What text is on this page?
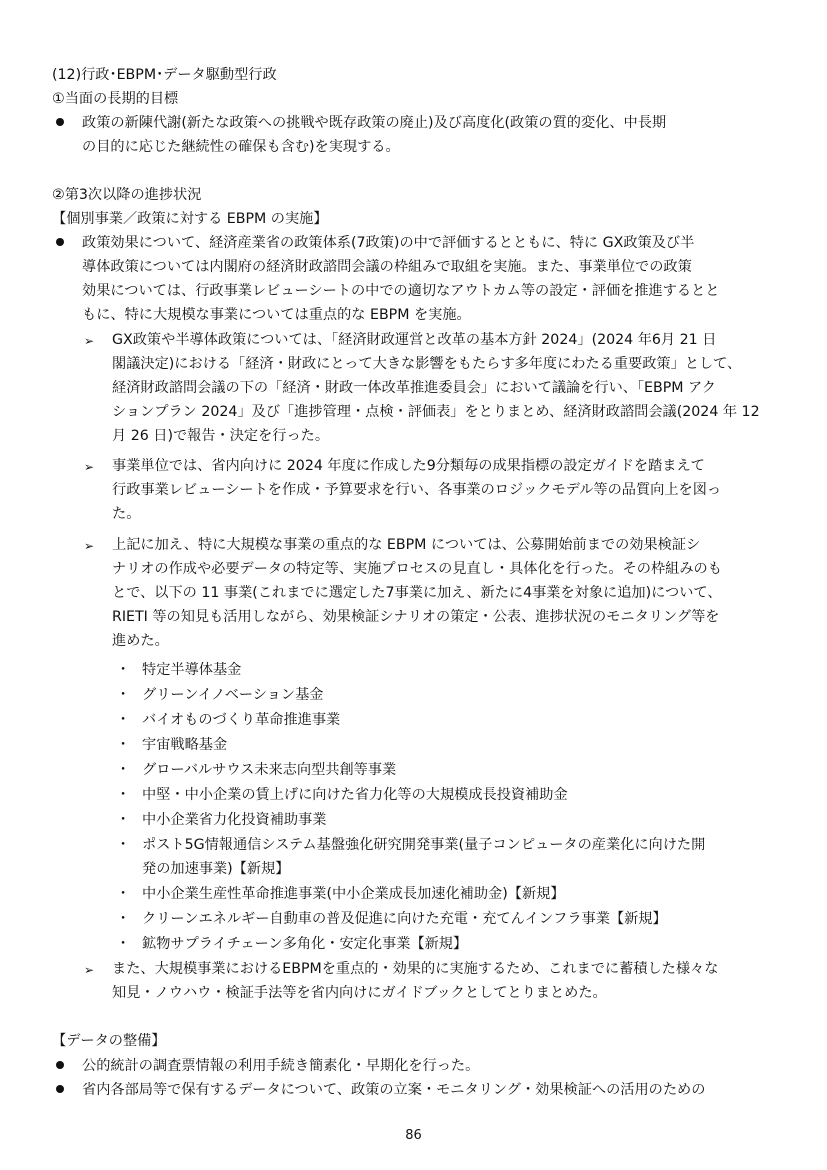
(12)行政･EBPM･データ駆動型行政
①当面の長期的目標
政策の新陳代謝(新たな政策への挑戦や既存政策の廃止)及び高度化(政策の質的変化、中長期
の目的に応じた継続性の確保も含む)を実現する。
②第3次以降の進捗状況
【個別事業／政策に対する EBPM の実施】
政策効果について、経済産業省の政策体系(7政策)の中で評価するとともに、特に GX政策及び半
導体政策については内閣府の経済財政諮問会議の枠組みで取組を実施。また、事業単位での政策
効果については、行政事業レビューシートの中での適切なアウトカム等の設定・評価を推進するとと
もに、特に大規模な事業については重点的な EBPM を実施。
➢ GX政策や半導体政策については、「経済財政運営と改革の基本方針 2024」(2024 年6月 21 日
閣議決定)における「経済・財政にとって大きな影響をもたらす多年度にわたる重要政策」として、
経済財政諮問会議の下の「経済・財政一体改革推進委員会」において議論を行い、「EBPM アク
ションプラン 2024」及び「進捗管理・点検・評価表」をとりまとめ、経済財政諮問会議(2024 年 12
月 26 日)で報告・決定を行った。
➢ 事業単位では、省内向けに 2024 年度に作成した9分類毎の成果指標の設定ガイドを踏まえて
行政事業レビューシートを作成・予算要求を行い、各事業のロジックモデル等の品質向上を図っ
た。
➢ 上記に加え、特に大規模な事業の重点的な EBPM については、公募開始前までの効果検証シ
ナリオの作成や必要データの特定等、実施プロセスの見直し・具体化を行った。その枠組みのも
とで、以下の 11 事業(これまでに選定した7事業に加え、新たに4事業を対象に追加)について、
RIETI 等の知見も活用しながら、効果検証シナリオの策定・公表、進捗状況のモニタリング等を
進めた。
・ 特定半導体基金
・ グリーンイノベーション基金
・ バイオものづくり革命推進事業
・ 宇宙戦略基金
・ グローバルサウス未来志向型共創等事業
・ 中堅・中小企業の賃上げに向けた省力化等の大規模成長投資補助金
・ 中小企業省力化投資補助事業
・ ポスト5G情報通信システム基盤強化研究開発事業(量子コンピュータの産業化に向けた開
発の加速事業)【新規】
・ 中小企業生産性革命推進事業(中小企業成長加速化補助金)【新規】
・ クリーンエネルギー自動車の普及促進に向けた充電・充てんインフラ事業【新規】
・ 鉱物サプライチェーン多角化・安定化事業【新規】
➢ また、大規模事業におけるEBPMを重点的・効果的に実施するため、これまでに蓄積した様々な
知見・ノウハウ・検証手法等を省内向けにガイドブックとしてとりまとめた。
【データの整備】
公的統計の調査票情報の利用手続き簡素化・早期化を行った。
省内各部局等で保有するデータについて、政策の立案・モニタリング・効果検証への活用のための
86
